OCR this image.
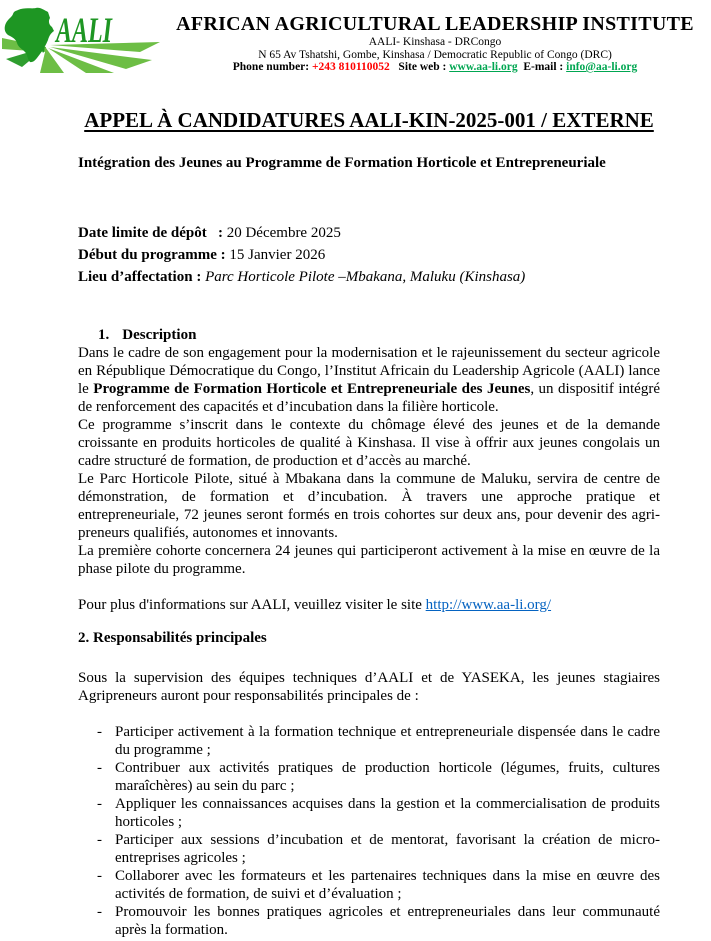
AALI	AFRICAN AGRICULTURAL LEADERSHIP INSTITUTE
AALI- Kinshasa - DRCongo
N 65 Av Tshatshi, Gombe, Kinshasa / Democratic Republic of Congo (DRC)
Phone number: +243 810110052   Site web : www.aa-li.org  E-mail : info@aa-li.org
APPEL À CANDIDATURES AALI-KIN-2025-001 / EXTERNE
Intégration des Jeunes au Programme de Formation Horticole et Entrepreneuriale
Date limite de dépôt   : 20 Décembre 2025
Début du programme : 15 Janvier 2026
Lieu d’affectation : Parc Horticole Pilote –Mbakana, Maluku (Kinshasa)
1. Description

Dans le cadre de son engagement pour la modernisation et le rajeunissement du secteur agricole en République Démocratique du Congo, l’Institut Africain du Leadership Agricole (AALI) lance le Programme de Formation Horticole et Entrepreneuriale des Jeunes, un dispositif intégré de renforcement des capacités et d’incubation dans la filière horticole.

Ce programme s’inscrit dans le contexte du chômage élevé des jeunes et de la demande croissante en produits horticoles de qualité à Kinshasa. Il vise à offrir aux jeunes congolais un cadre structuré de formation, de production et d’accès au marché.

Le Parc Horticole Pilote, situé à Mbakana dans la commune de Maluku, servira de centre de démonstration, de formation et d’incubation. À travers une approche pratique et entrepreneuriale, 72 jeunes seront formés en trois cohortes sur deux ans, pour devenir des agri-preneurs qualifiés, autonomes et innovants.

La première cohorte concernera 24 jeunes qui participeront activement à la mise en œuvre de la phase pilote du programme.

Pour plus d'informations sur AALI, veuillez visiter le site http://www.aa-li.org/

2. Responsabilités principales

Sous la supervision des équipes techniques d’AALI et de YASEKA, les jeunes stagiaires Agripreneurs auront pour responsabilités principales de :

- Participer activement à la formation technique et entrepreneuriale dispensée dans le cadre du programme ;
- Contribuer aux activités pratiques de production horticole (légumes, fruits, cultures maraîchères) au sein du parc ;
- Appliquer les connaissances acquises dans la gestion et la commercialisation de produits horticoles ;
- Participer aux sessions d’incubation et de mentorat, favorisant la création de micro-entreprises agricoles ;
- Collaborer avec les formateurs et les partenaires techniques dans la mise en œuvre des activités de formation, de suivi et d’évaluation ;
- Promouvoir les bonnes pratiques agricoles et entrepreneuriales dans leur communauté après la formation.
